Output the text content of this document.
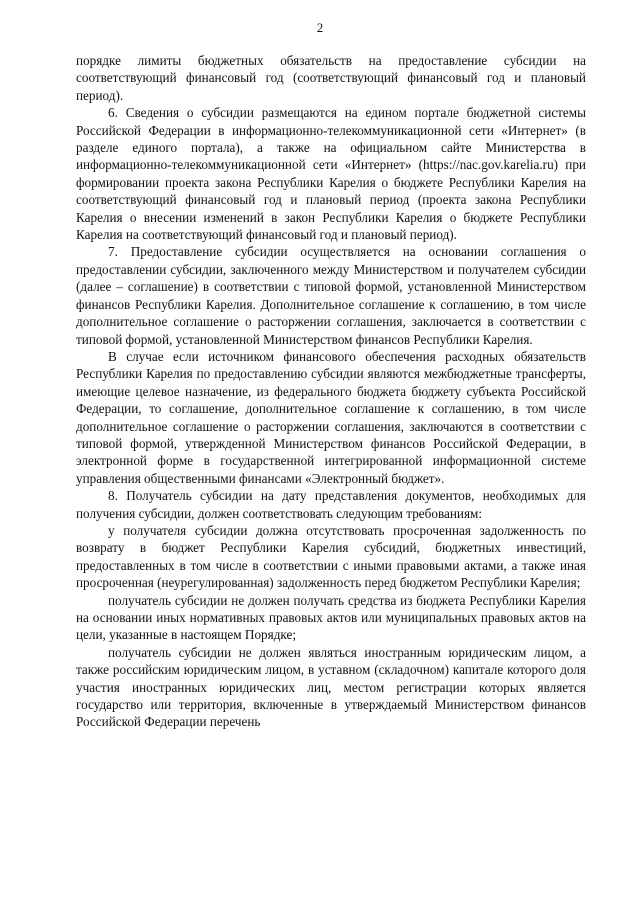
2

порядке лимиты бюджетных обязательств на предоставление субсидии на соответствующий финансовый год (соответствующий финансовый год и плановый период).

6. Сведения о субсидии размещаются на едином портале бюджетной системы Российской Федерации в информационно-телекоммуникационной сети «Интернет» (в разделе единого портала), а также на официальном сайте Министерства в информационно-телекоммуникационной сети «Интернет» (https://nac.gov.karelia.ru) при формировании проекта закона Республики Карелия о бюджете Республики Карелия на соответствующий финансовый год и плановый период (проекта закона Республики Карелия о внесении изменений в закон Республики Карелия о бюджете Республики Карелия на соответствующий финансовый год и плановый период).

7. Предоставление субсидии осуществляется на основании соглашения о предоставлении субсидии, заключенного между Министерством и получателем субсидии (далее – соглашение) в соответствии с типовой формой, установленной Министерством финансов Республики Карелия. Дополнительное соглашение к соглашению, в том числе дополнительное соглашение о расторжении соглашения, заключается в соответствии с типовой формой, установленной Министерством финансов Республики Карелия.

В случае если источником финансового обеспечения расходных обязательств Республики Карелия по предоставлению субсидии являются межбюджетные трансферты, имеющие целевое назначение, из федерального бюджета бюджету субъекта Российской Федерации, то соглашение, дополнительное соглашение к соглашению, в том числе дополнительное соглашение о расторжении соглашения, заключаются в соответствии с типовой формой, утвержденной Министерством финансов Российской Федерации, в электронной форме в государственной интегрированной информационной системе управления общественными финансами «Электронный бюджет».

8. Получатель субсидии на дату представления документов, необходимых для получения субсидии, должен соответствовать следующим требованиям:

у получателя субсидии должна отсутствовать просроченная задолженность по возврату в бюджет Республики Карелия субсидий, бюджетных инвестиций, предоставленных в том числе в соответствии с иными правовыми актами, а также иная просроченная (неурегулированная) задолженность перед бюджетом Республики Карелия;

получатель субсидии не должен получать средства из бюджета Республики Карелия на основании иных нормативных правовых актов или муниципальных правовых актов на цели, указанные в настоящем Порядке;

получатель субсидии не должен являться иностранным юридическим лицом, а также российским юридическим лицом, в уставном (складочном) капитале которого доля участия иностранных юридических лиц, местом регистрации которых является государство или территория, включенные в утверждаемый Министерством финансов Российской Федерации перечень
